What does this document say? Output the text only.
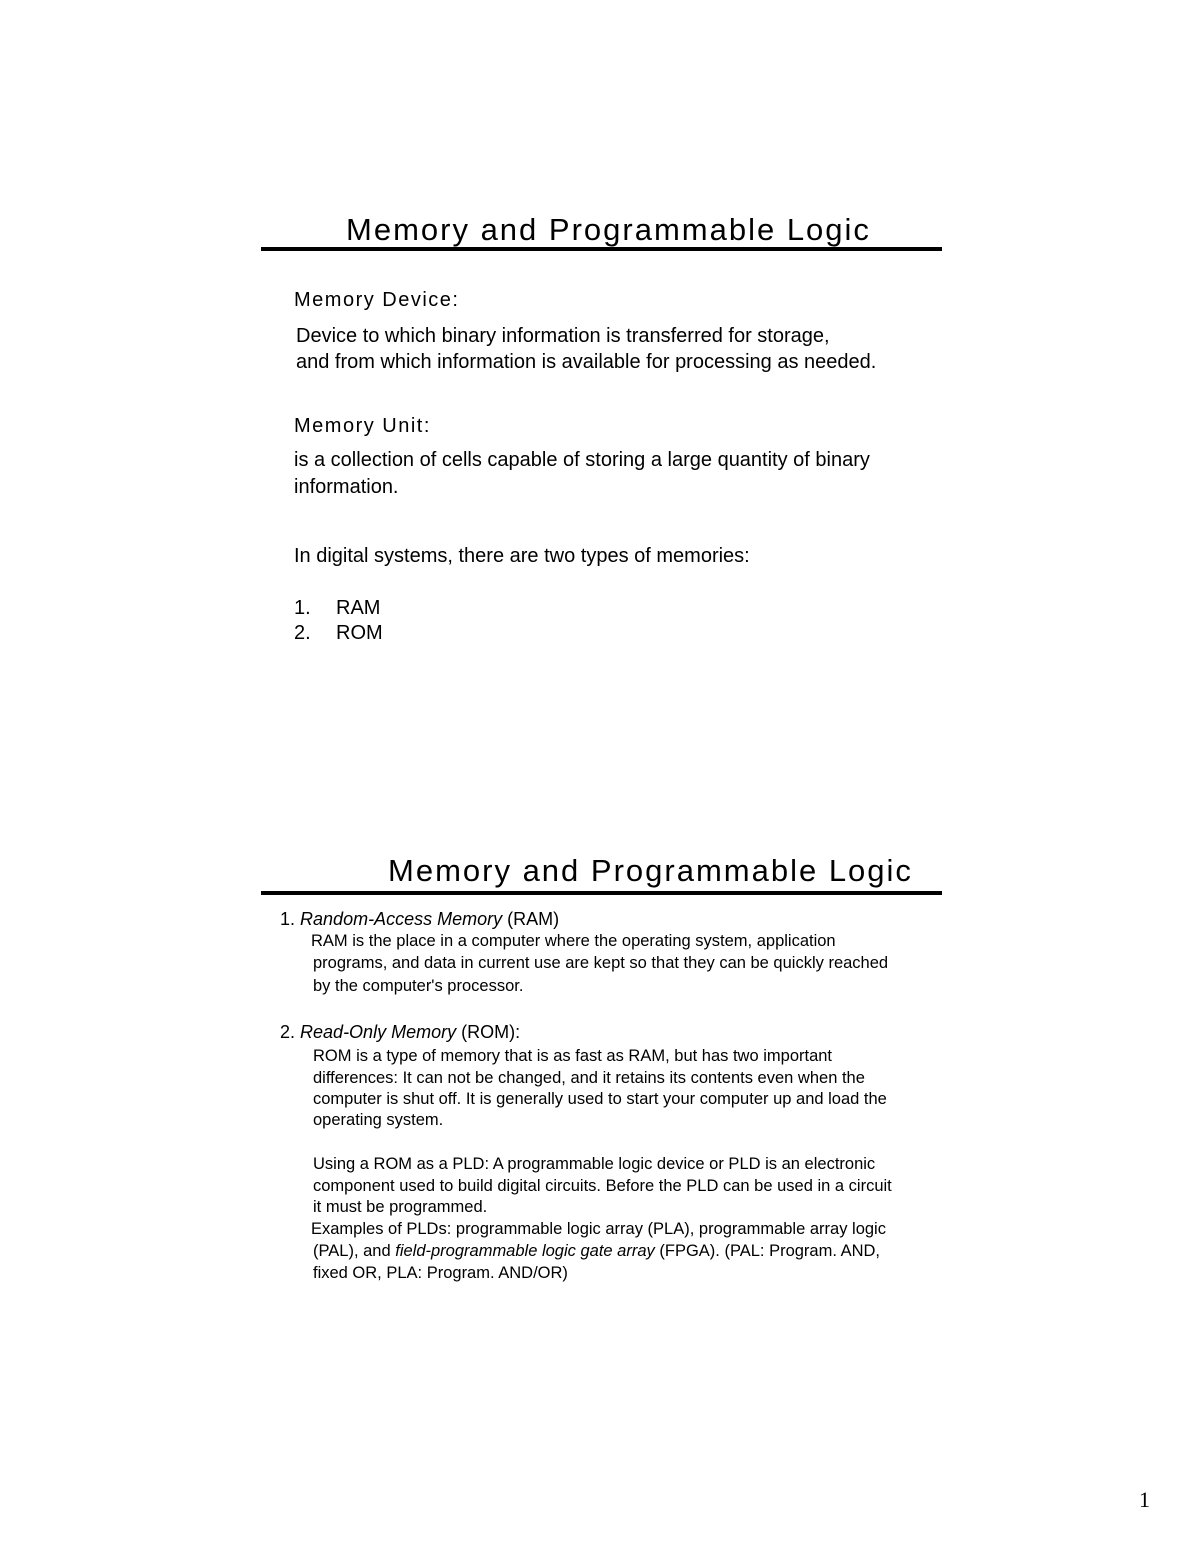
Memory and Programmable Logic

Memory Device:

Device to which binary information is transferred for storage,

and from which information is available for processing as needed.

Memory Unit:

is a collection of cells capable of storing a large quantity of binary

information.

In digital systems, there are two types of memories:

1. RAM

2. ROM

Memory and Programmable Logic

1. Random-Access Memory (RAM)

RAM is the place in a computer where the operating system, application

programs, and data in current use are kept so that they can be quickly reached

by the computer's processor.

2. Read-Only Memory (ROM):

ROM is a type of memory that is as fast as RAM, but has two important

differences: It can not be changed, and it retains its contents even when the

computer is shut off. It is generally used to start your computer up and load the

operating system.

Using a ROM as a PLD: A programmable logic device or PLD is an electronic

component used to build digital circuits. Before the PLD can be used in a circuit

it must be programmed.

Examples of PLDs: programmable logic array (PLA), programmable array logic

(PAL), and field-programmable logic gate array (FPGA). (PAL: Program. AND,

fixed OR, PLA: Program. AND/OR)

1
